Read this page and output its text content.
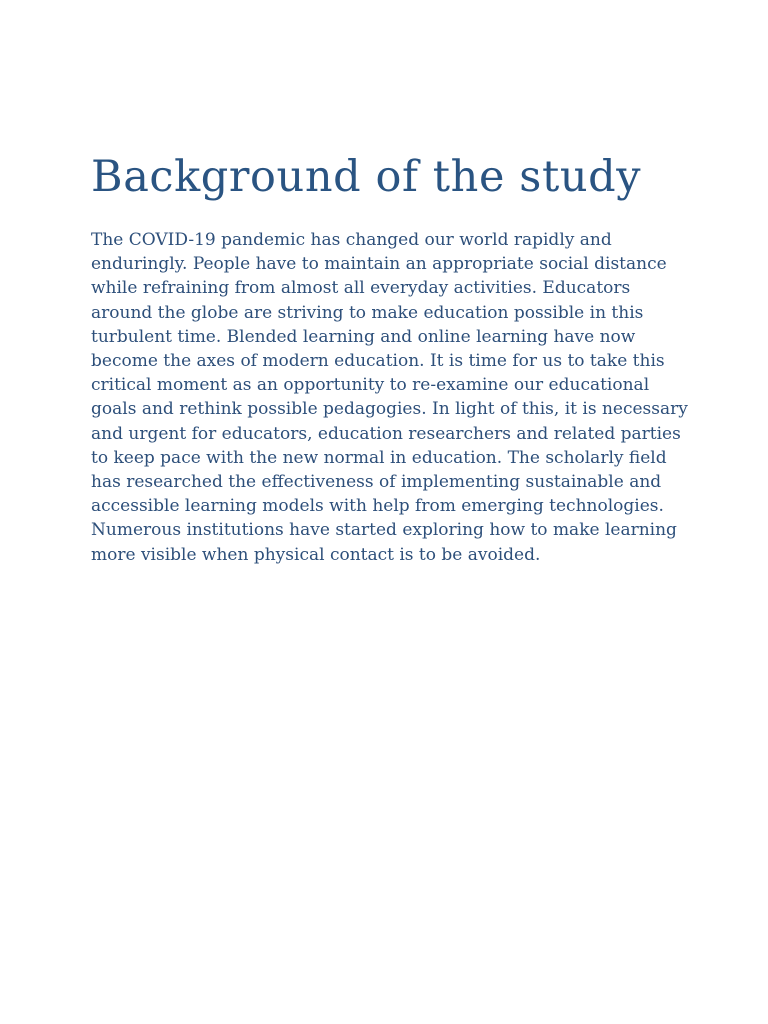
Background of the study

The COVID-19 pandemic has changed our world rapidly and
enduringly. People have to maintain an appropriate social distance
while refraining from almost all everyday activities. Educators
around the globe are striving to make education possible in this
turbulent time. Blended learning and online learning have now
become the axes of modern education. It is time for us to take this
critical moment as an opportunity to re-examine our educational
goals and rethink possible pedagogies. In light of this, it is necessary
and urgent for educators, education researchers and related parties
to keep pace with the new normal in education. The scholarly field
has researched the effectiveness of implementing sustainable and
accessible learning models with help from emerging technologies.
Numerous institutions have started exploring how to make learning
more visible when physical contact is to be avoided.
